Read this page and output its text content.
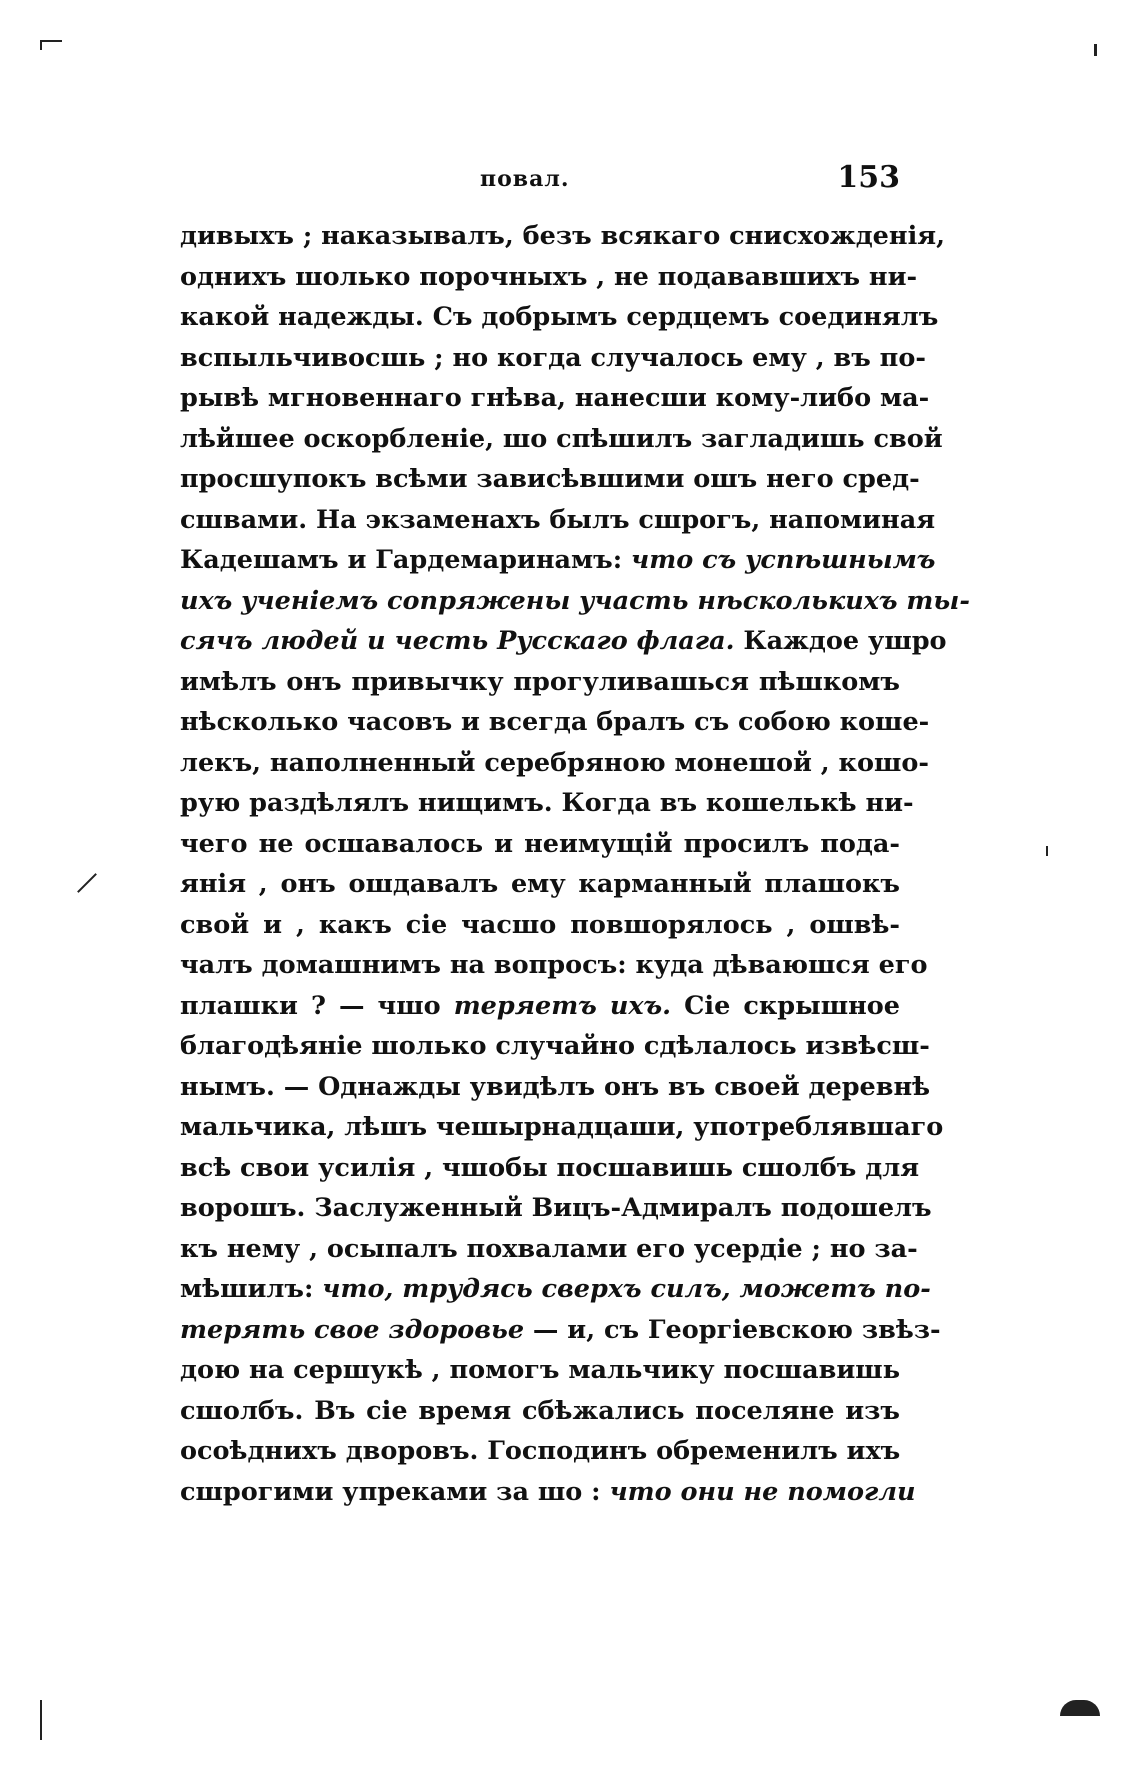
повал.	153
дивыхъ ; наказывалъ, безъ всякаго снисхожденія,
однихъ шолько порочныхъ , не подававшихъ ни-
какой надежды. Съ добрымъ сердцемъ соединялъ
вспыльчивосшь ; но когда случалось ему , въ по-
рывѣ мгновеннаго гнѣва, нанесши кому-либо ма-
лѣйшее оскорбленіе, шо спѣшилъ загладишь свой
просшупокъ всѣми зависѣвшими ошъ него сред-
сшвами. На экзаменахъ былъ сшрогъ, напоминая
Кадешамъ и Гардемаринамъ: что съ успѣшнымъ
ихъ ученіемъ сопряжены участь нѣсколькихъ ты-
сячъ людей и честь Русскаго флага. Каждое ушро
имѣлъ онъ привычку прогуливашься пѣшкомъ
нѣсколько часовъ и всегда бралъ съ собою коше-
лекъ, наполненный серебряною монешой , кошо-
рую раздѣлялъ нищимъ. Когда въ кошелькѣ ни-
чего не осшавалось и неимущій просилъ пода-
янія , онъ ошдавалъ ему карманный плашокъ
свой и , какъ сіе часшо повшорялось , ошвѣ-
чалъ домашнимъ на вопросъ: куда дѣваюшся его
плашки ? — чшо теряетъ ихъ. Сіе скрышное
благодѣяніе шолько случайно сдѣлалось извѣсш-
нымъ. — Однажды увидѣлъ онъ въ своей деревнѣ
мальчика, лѣшъ чешырнадцаши, употреблявшаго
всѣ свои усилія , чшобы посшавишь сшолбъ для
ворошъ. Заслуженный Вицъ-Адмиралъ подошелъ
къ нему , осыпалъ похвалами его усердіе ; но за-
мѣшилъ: что, трудясь сверхъ силъ, можетъ по-
терять свое здоровье — и, съ Георгіевскою звѣз-
дою на сершукѣ , помогъ мальчику посшавишь
сшолбъ. Въ сіе время сбѣжались поселяне изъ
осоѣднихъ дворовъ. Господинъ обременилъ ихъ
сшрогими упреками за шо : что они не помогли
